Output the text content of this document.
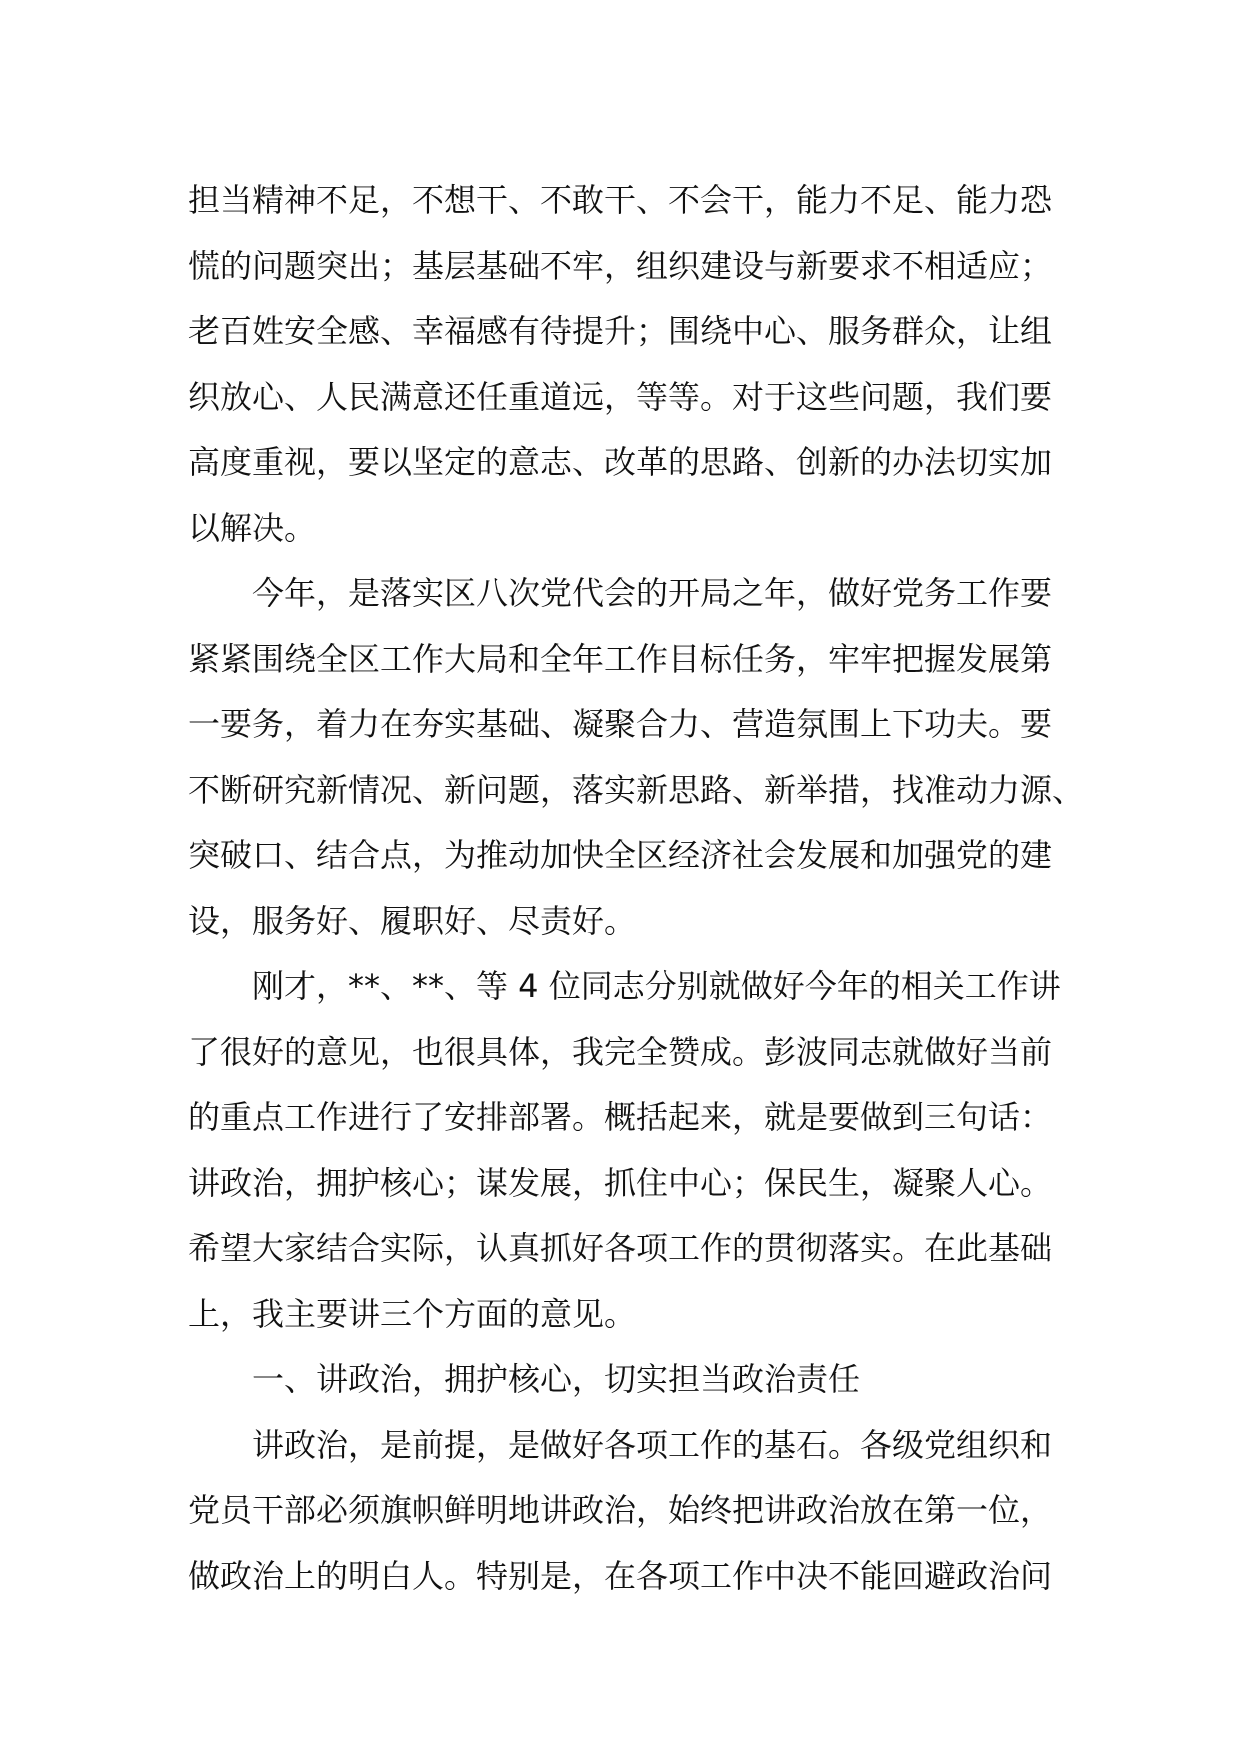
担当精神不足，不想干、不敢干、不会干，能力不足、能力恐
慌的问题突出；基层基础不牢，组织建设与新要求不相适应；
老百姓安全感、幸福感有待提升；围绕中心、服务群众，让组
织放心、人民满意还任重道远，等等。对于这些问题，我们要
高度重视，要以坚定的意志、改革的思路、创新的办法切实加
以解决。
今年，是落实区八次党代会的开局之年，做好党务工作要
紧紧围绕全区工作大局和全年工作目标任务，牢牢把握发展第
一要务，着力在夯实基础、凝聚合力、营造氛围上下功夫。要
不断研究新情况、新问题，落实新思路、新举措，找准动力源、
突破口、结合点，为推动加快全区经济社会发展和加强党的建
设，服务好、履职好、尽责好。
刚才，**、**、等 4 位同志分别就做好今年的相关工作讲
了很好的意见，也很具体，我完全赞成。彭波同志就做好当前
的重点工作进行了安排部署。概括起来，就是要做到三句话：
讲政治，拥护核心；谋发展，抓住中心；保民生，凝聚人心。
希望大家结合实际，认真抓好各项工作的贯彻落实。在此基础
上，我主要讲三个方面的意见。
一、讲政治，拥护核心，切实担当政治责任
讲政治，是前提，是做好各项工作的基石。各级党组织和
党员干部必须旗帜鲜明地讲政治，始终把讲政治放在第一位，
做政治上的明白人。特别是，在各项工作中决不能回避政治问
